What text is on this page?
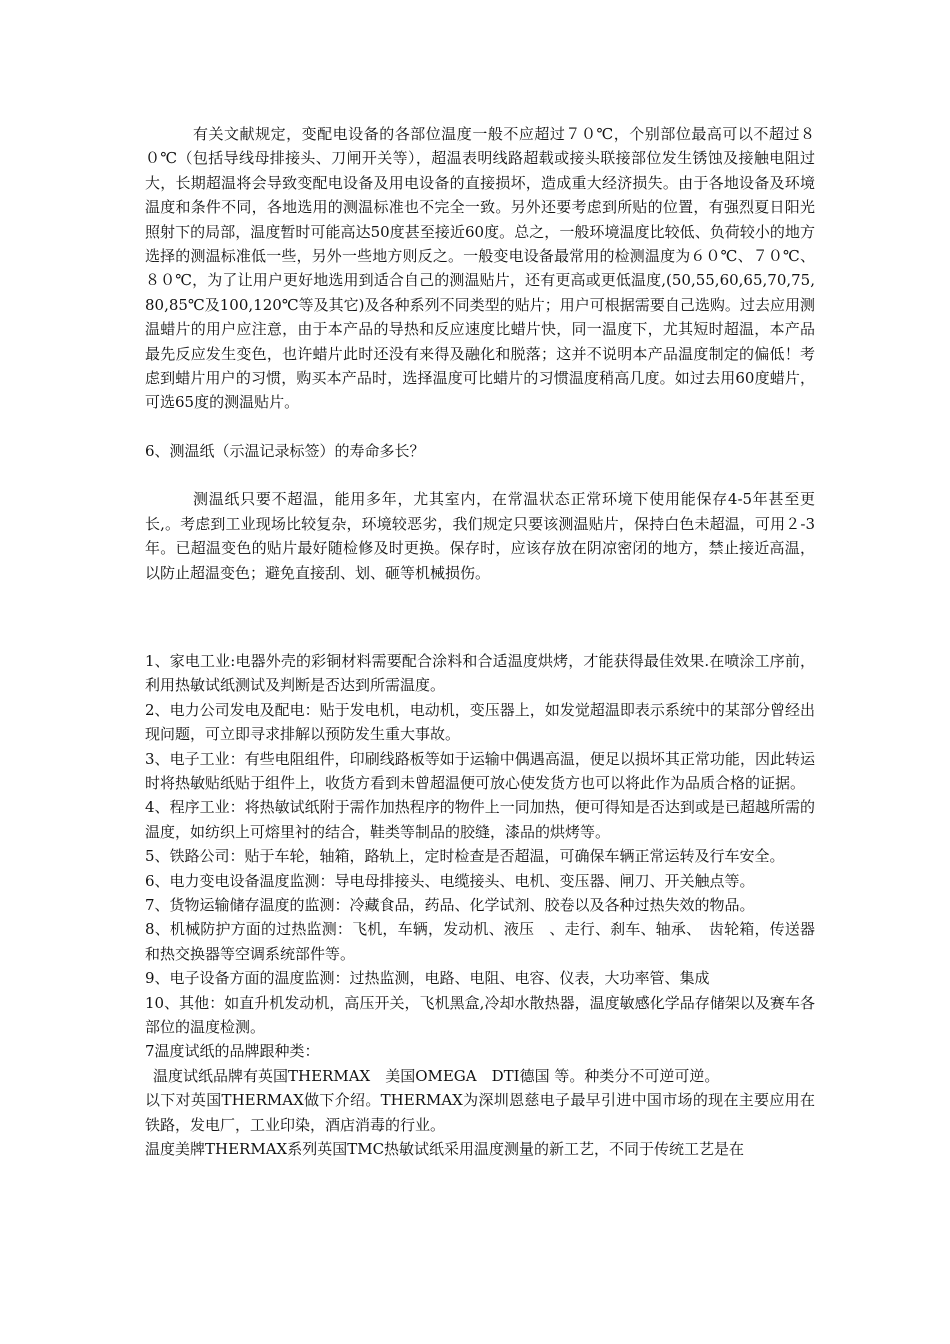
有关文献规定，变配电设备的各部位温度一般不应超过７０℃，个别部位最高可以不超过８０℃（包括导线母排接头、刀闸开关等），超温表明线路超载或接头联接部位发生锈蚀及接触电阻过大，长期超温将会导致变配电设备及用电设备的直接损坏，造成重大经济损失。由于各地设备及环境温度和条件不同，各地选用的测温标准也不完全一致。另外还要考虑到所贴的位置，有强烈夏日阳光照射下的局部，温度暂时可能高达50度甚至接近60度。总之，一般环境温度比较低、负荷较小的地方选择的测温标准低一些，另外一些地方则反之。一般变电设备最常用的检测温度为６０℃、７０℃、８０℃，为了让用户更好地选用到适合自己的测温贴片，还有更高或更低温度,(50,55,60,65,70,75,80,85℃及100,120℃等及其它)及各种系列不同类型的贴片；用户可根据需要自己选购。过去应用测温蜡片的用户应注意，由于本产品的导热和反应速度比蜡片快，同一温度下，尤其短时超温，本产品最先反应发生变色，也许蜡片此时还没有来得及融化和脱落；这并不说明本产品温度制定的偏低！考虑到蜡片用户的习惯，购买本产品时，选择温度可比蜡片的习惯温度稍高几度。如过去用60度蜡片，可选65度的测温贴片。

6、测温纸（示温记录标签）的寿命多长？

测温纸只要不超温，能用多年，尤其室内，在常温状态正常环境下使用能保存4-5年甚至更长,。考虑到工业现场比较复杂，环境较恶劣，我们规定只要该测温贴片，保持白色未超温，可用２-3年。已超温变色的贴片最好随检修及时更换。保存时，应该存放在阴凉密闭的地方，禁止接近高温，以防止超温变色；避免直接刮、划、砸等机械损伤。

1、家电工业:电器外壳的彩铜材料需要配合涂料和合适温度烘烤，才能获得最佳效果.在喷涂工序前，利用热敏试纸测试及判断是否达到所需温度。

2、电力公司发电及配电：贴于发电机，电动机，变压器上，如发觉超温即表示系统中的某部分曾经出现问题，可立即寻求排解以预防发生重大事故。

3、电子工业：有些电阻组件，印刷线路板等如于运输中偶遇高温，便足以损坏其正常功能，因此转运时将热敏贴纸贴于组件上，收货方看到未曾超温便可放心使发货方也可以将此作为品质合格的证据。

4、程序工业：将热敏试纸附于需作加热程序的物件上一同加热，便可得知是否达到或是已超越所需的温度，如纺织上可熔里衬的结合，鞋类等制品的胶缝，漆品的烘烤等。

5、铁路公司：贴于车轮，轴箱，路轨上，定时检查是否超温，可确保车辆正常运转及行车安全。

6、电力变电设备温度监测：导电母排接头、电缆接头、电机、变压器、闸刀、开关触点等。

7、货物运输储存温度的监测：冷藏食品，药品、化学试剂、胶卷以及各种过热失效的物品。

8、机械防护方面的过热监测：飞机，车辆，发动机、液压　、走行、刹车、轴承、　齿轮箱，传送器和热交换器等空调系统部件等。

9、电子设备方面的温度监测：过热监测，电路、电阻、电容、仪表，大功率管、集成

10、其他：如直升机发动机，高压开关，飞机黑盒,冷却水散热器，温度敏感化学品存储架以及赛车各部位的温度检测。

7温度试纸的品牌跟种类：

温度试纸品牌有英国THERMAX　美国OMEGA　DTI德国 等。种类分不可逆可逆。

以下对英国THERMAX做下介绍。THERMAX为深圳恩慈电子最早引进中国市场的现在主要应用在铁路，发电厂，工业印染，酒店消毒的行业。

温度美牌THERMAX系列英国TMC热敏试纸采用温度测量的新工艺，不同于传统工艺是在
